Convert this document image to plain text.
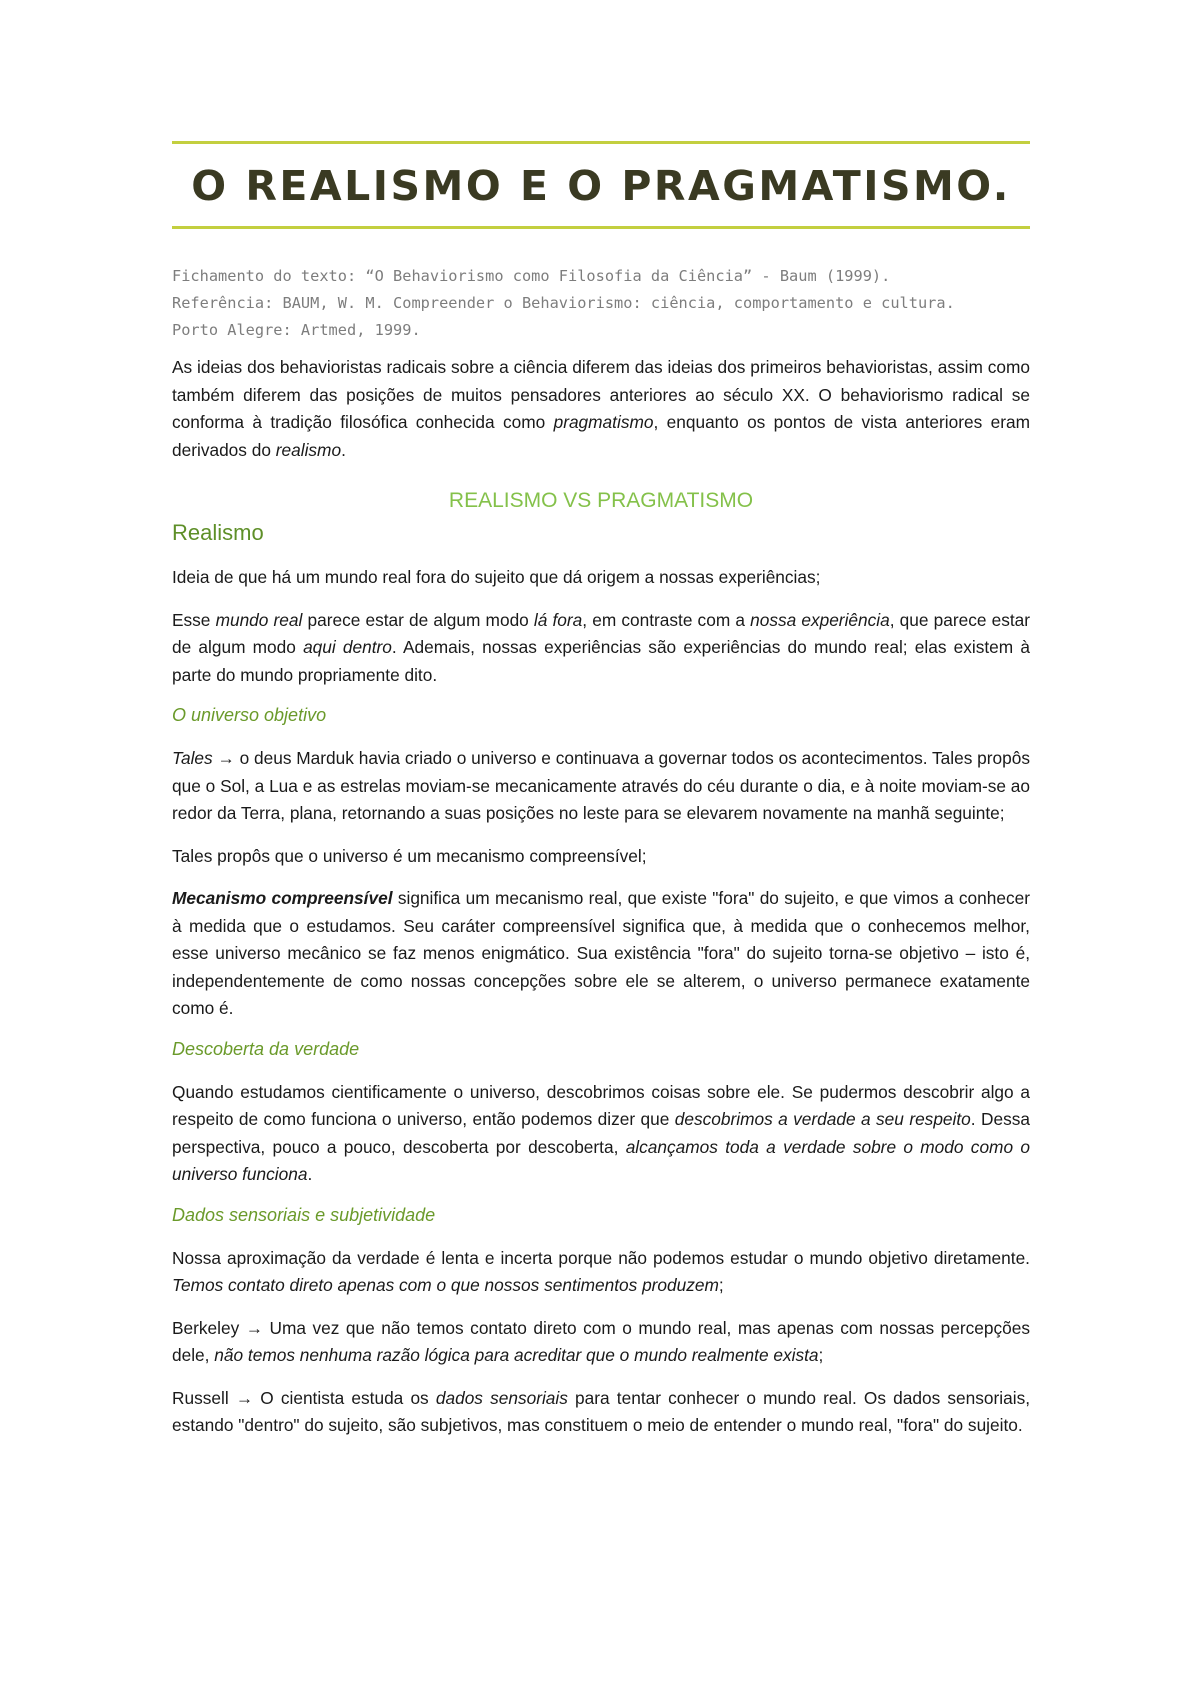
O REALISMO E O PRAGMATISMO.
Fichamento do texto: “O Behaviorismo como Filosofia da Ciência” - Baum (1999).
Referência: BAUM, W. M. Compreender o Behaviorismo: ciência, comportamento e cultura.
Porto Alegre: Artmed, 1999.

As ideias dos behavioristas radicais sobre a ciência diferem das ideias dos primeiros behavioristas, assim como também diferem das posições de muitos pensadores anteriores ao século XX. O behaviorismo radical se conforma à tradição filosófica conhecida como pragmatismo, enquanto os pontos de vista anteriores eram derivados do realismo.

REALISMO VS PRAGMATISMO
Realismo

Ideia de que há um mundo real fora do sujeito que dá origem a nossas experiências;

Esse mundo real parece estar de algum modo lá fora, em contraste com a nossa experiência, que parece estar de algum modo aqui dentro. Ademais, nossas experiências são experiências do mundo real; elas existem à parte do mundo propriamente dito.

O universo objetivo

Tales → o deus Marduk havia criado o universo e continuava a governar todos os acontecimentos. Tales propôs que o Sol, a Lua e as estrelas moviam-se mecanicamente através do céu durante o dia, e à noite moviam-se ao redor da Terra, plana, retornando a suas posições no leste para se elevarem novamente na manhã seguinte;

Tales propôs que o universo é um mecanismo compreensível;

Mecanismo compreensível significa um mecanismo real, que existe "fora" do sujeito, e que vimos a conhecer à medida que o estudamos. Seu caráter compreensível significa que, à medida que o conhecemos melhor, esse universo mecânico se faz menos enigmático. Sua existência "fora" do sujeito torna-se objetivo – isto é, independentemente de como nossas concepções sobre ele se alterem, o universo permanece exatamente como é.

Descoberta da verdade

Quando estudamos cientificamente o universo, descobrimos coisas sobre ele. Se pudermos descobrir algo a respeito de como funciona o universo, então podemos dizer que descobrimos a verdade a seu respeito. Dessa perspectiva, pouco a pouco, descoberta por descoberta, alcançamos toda a verdade sobre o modo como o universo funciona.

Dados sensoriais e subjetividade

Nossa aproximação da verdade é lenta e incerta porque não podemos estudar o mundo objetivo diretamente. Temos contato direto apenas com o que nossos sentimentos produzem;

Berkeley → Uma vez que não temos contato direto com o mundo real, mas apenas com nossas percepções dele, não temos nenhuma razão lógica para acreditar que o mundo realmente exista;

Russell → O cientista estuda os dados sensoriais para tentar conhecer o mundo real. Os dados sensoriais, estando "dentro" do sujeito, são subjetivos, mas constituem o meio de entender o mundo real, "fora" do sujeito.
